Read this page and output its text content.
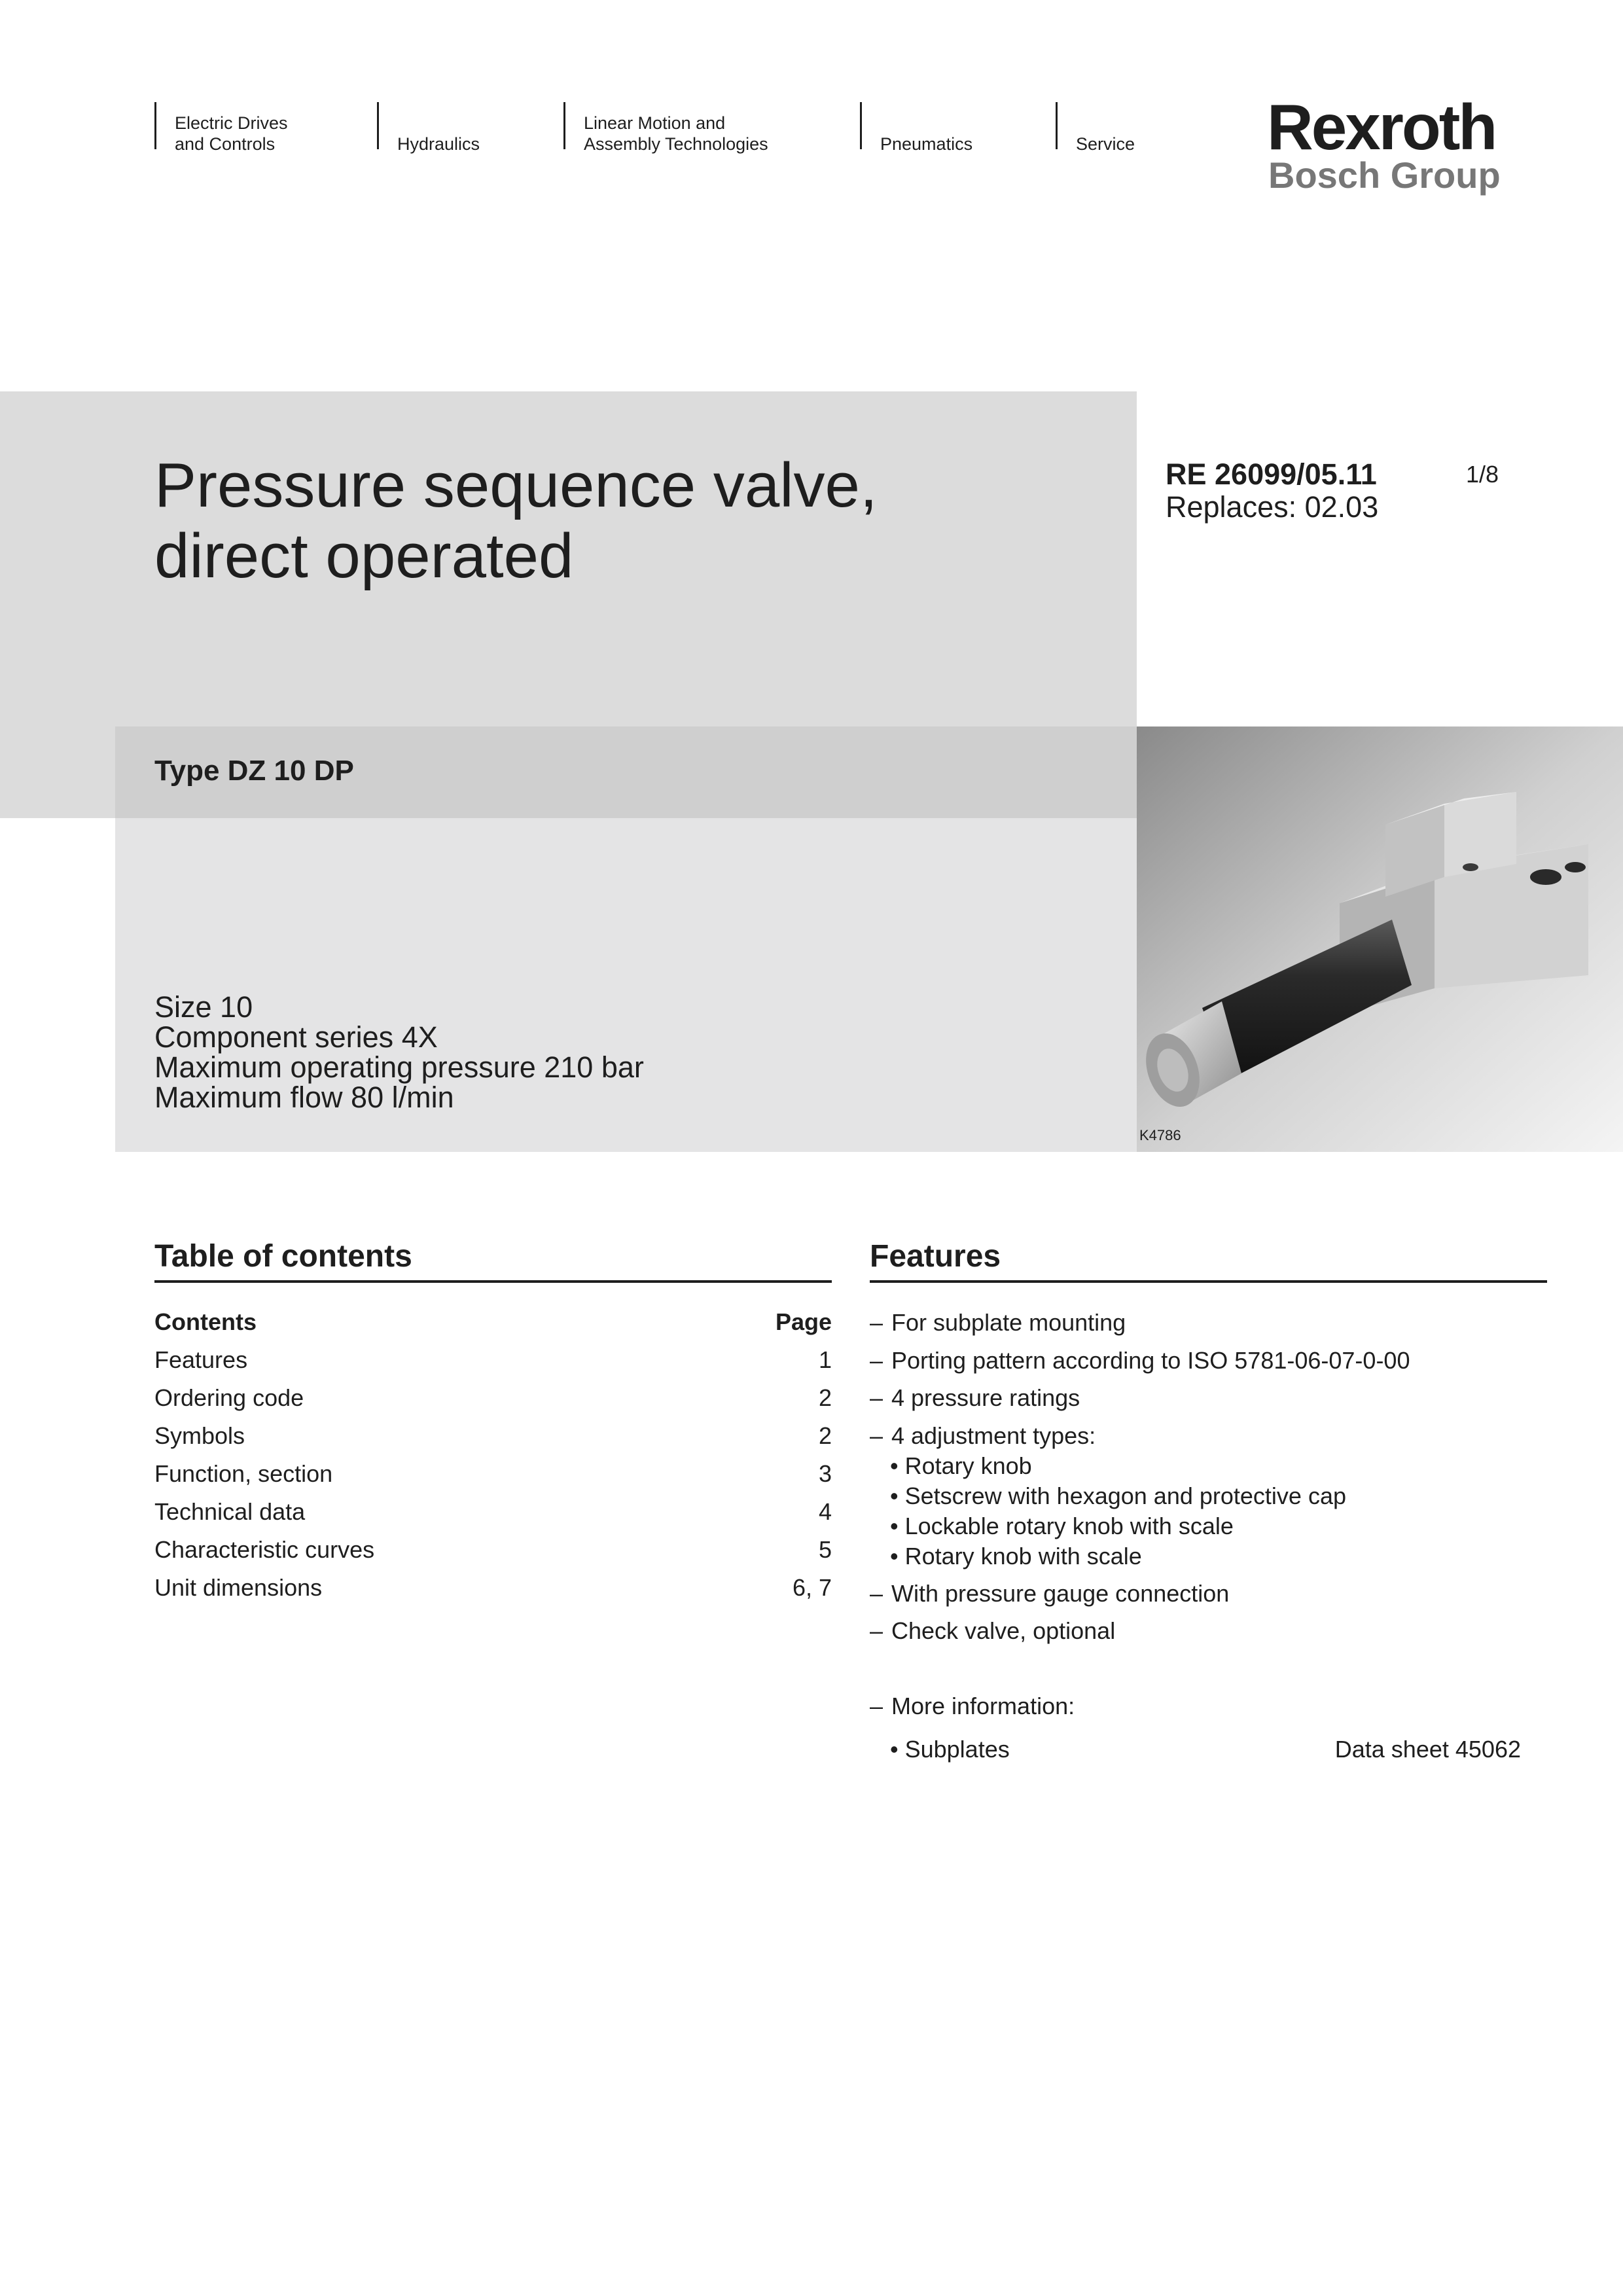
Electric Drives
and Controls	Hydraulics
Linear Motion and
Assembly Technologies	Pneumatics	Service Rexroth
Bosch Group
Pressure sequence valve,
direct operated
RE 26099/05.11
Replaces: 02.03
1/8
Type DZ 10 DP
Size 10
Component series 4X
Maximum operating pressure 210 bar
Maximum flow 80 l/min
K4786
Table of contents
Contents	Page
Features	1
Ordering code	2
Symbols	2
Function, section	3
Technical data	4
Characteristic curves	5
Unit dimensions	6, 7
Features
– For subplate mounting
– Porting pattern according to ISO 5781-06-07-0-00
– 4 pressure ratings
– 4 adjustment types:
• Rotary knob
• Setscrew with hexagon and protective cap
• Lockable rotary knob with scale
• Rotary knob with scale
– With pressure gauge connection
– Check valve, optional
– More information:
• Subplates	Data sheet 45062
